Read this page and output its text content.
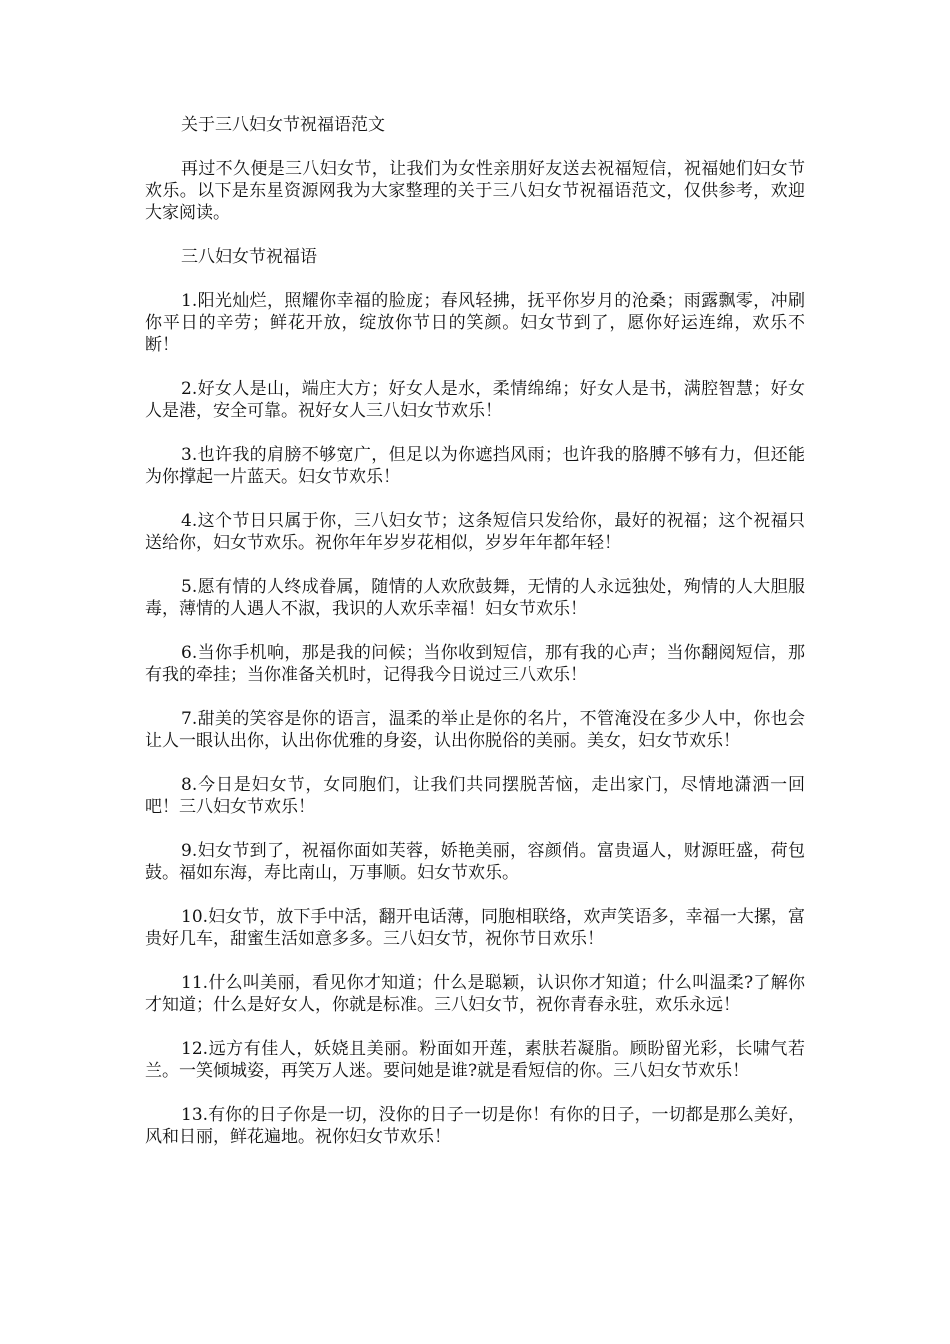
关于三八妇女节祝福语范文

再过不久便是三八妇女节，让我们为女性亲朋好友送去祝福短信，祝福她们妇女节欢乐。以下是东星资源网我为大家整理的关于三八妇女节祝福语范文，仅供参考，欢迎大家阅读。

三八妇女节祝福语

1.阳光灿烂，照耀你幸福的脸庞；春风轻拂，抚平你岁月的沧桑；雨露飘零，冲刷你平日的辛劳；鲜花开放，绽放你节日的笑颜。妇女节到了，愿你好运连绵，欢乐不断！

2.好女人是山，端庄大方；好女人是水，柔情绵绵；好女人是书，满腔智慧；好女人是港，安全可靠。祝好女人三八妇女节欢乐！

3.也许我的肩膀不够宽广，但足以为你遮挡风雨；也许我的胳膊不够有力，但还能为你撑起一片蓝天。妇女节欢乐！

4.这个节日只属于你，三八妇女节；这条短信只发给你，最好的祝福；这个祝福只送给你，妇女节欢乐。祝你年年岁岁花相似，岁岁年年都年轻！

5.愿有情的人终成眷属，随情的人欢欣鼓舞，无情的人永远独处，殉情的人大胆服毒，薄情的人遇人不淑，我识的人欢乐幸福！妇女节欢乐！

6.当你手机响，那是我的问候；当你收到短信，那有我的心声；当你翻阅短信，那有我的牵挂；当你准备关机时，记得我今日说过三八欢乐！

7.甜美的笑容是你的语言，温柔的举止是你的名片，不管淹没在多少人中，你也会让人一眼认出你，认出你优雅的身姿，认出你脱俗的美丽。美女，妇女节欢乐！

8.今日是妇女节，女同胞们，让我们共同摆脱苦恼，走出家门，尽情地潇洒一回吧！三八妇女节欢乐！

9.妇女节到了，祝福你面如芙蓉，娇艳美丽，容颜俏。富贵逼人，财源旺盛，荷包鼓。福如东海，寿比南山，万事顺。妇女节欢乐。

10.妇女节，放下手中活，翻开电话薄，同胞相联络，欢声笑语多，幸福一大摞，富贵好几车，甜蜜生活如意多多。三八妇女节，祝你节日欢乐！

11.什么叫美丽，看见你才知道；什么是聪颖，认识你才知道；什么叫温柔?了解你才知道；什么是好女人，你就是标准。三八妇女节，祝你青春永驻，欢乐永远！

12.远方有佳人，妖娆且美丽。粉面如开莲，素肤若凝脂。顾盼留光彩，长啸气若兰。一笑倾城姿，再笑万人迷。要问她是谁?就是看短信的你。三八妇女节欢乐！

13.有你的日子你是一切，没你的日子一切是你！有你的日子，一切都是那么美好，风和日丽，鲜花遍地。祝你妇女节欢乐！
